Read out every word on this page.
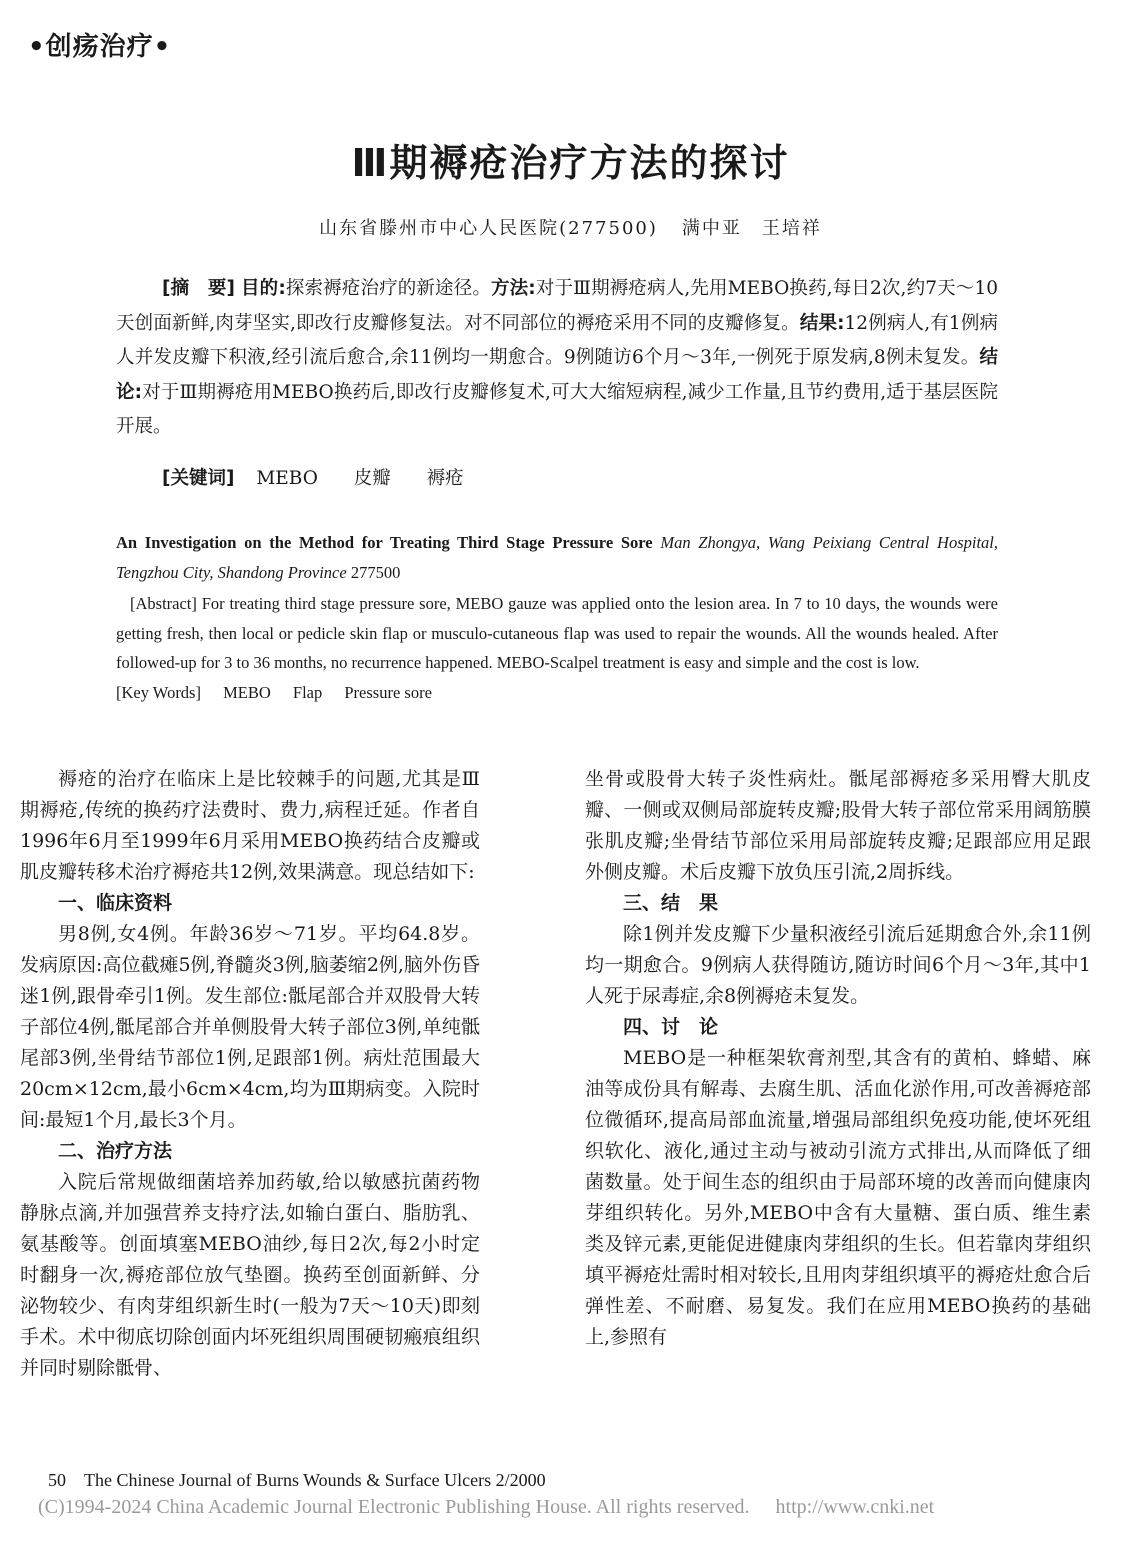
•创疡治疗•
Ⅲ期褥疮治疗方法的探讨
山东省滕州市中心人民医院(277500) 满中亚　王培祥

[摘　要] 目的:探索褥疮治疗的新途径。方法:对于Ⅲ期褥疮病人,先用MEBO换药,每日2次,约7天～10天创面新鲜,肉芽坚实,即改行皮瓣修复法。对不同部位的褥疮采用不同的皮瓣修复。结果:12例病人,有1例病人并发皮瓣下积液,经引流后愈合,余11例均一期愈合。9例随访6个月～3年,一例死于原发病,8例未复发。结论:对于Ⅲ期褥疮用MEBO换药后,即改行皮瓣修复术,可大大缩短病程,减少工作量,且节约费用,适于基层医院开展。

[关键词] MEBO 皮瓣 褥疮
An Investigation on the Method for Treating Third Stage Pressure Sore Man Zhongya, Wang Peixiang Central Hospital, Tengzhou City, Shandong Province 277500

[Abstract] For treating third stage pressure sore, MEBO gauze was applied onto the lesion area. In 7 to 10 days, the wounds were getting fresh, then local or pedicle skin flap or musculo-cutaneous flap was used to repair the wounds. All the wounds healed. After followed-up for 3 to 36 months, no recurrence happened. MEBO-Scalpel treatment is easy and simple and the cost is low.

[Key Words] MEBO Flap Pressure sore

褥疮的治疗在临床上是比较棘手的问题,尤其是Ⅲ期褥疮,传统的换药疗法费时、费力,病程迁延。作者自1996年6月至1999年6月采用MEBO换药结合皮瓣或肌皮瓣转移术治疗褥疮共12例,效果满意。现总结如下:

一、临床资料

男8例,女4例。年龄36岁～71岁。平均64.8岁。发病原因:高位截瘫5例,脊髓炎3例,脑萎缩2例,脑外伤昏迷1例,跟骨牵引1例。发生部位:骶尾部合并双股骨大转子部位4例,骶尾部合并单侧股骨大转子部位3例,单纯骶尾部3例,坐骨结节部位1例,足跟部1例。病灶范围最大20cm×12cm,最小6cm×4cm,均为Ⅲ期病变。入院时间:最短1个月,最长3个月。

二、治疗方法

入院后常规做细菌培养加药敏,给以敏感抗菌药物静脉点滴,并加强营养支持疗法,如输白蛋白、脂肪乳、氨基酸等。创面填塞MEBO油纱,每日2次,每2小时定时翻身一次,褥疮部位放气垫圈。换药至创面新鲜、分泌物较少、有肉芽组织新生时(一般为7天～10天)即刻手术。术中彻底切除创面内坏死组织周围硬韧瘢痕组织并同时剔除骶骨、

坐骨或股骨大转子炎性病灶。骶尾部褥疮多采用臀大肌皮瓣、一侧或双侧局部旋转皮瓣;股骨大转子部位常采用阔筋膜张肌皮瓣;坐骨结节部位采用局部旋转皮瓣;足跟部应用足跟外侧皮瓣。术后皮瓣下放负压引流,2周拆线。

三、结　果

除1例并发皮瓣下少量积液经引流后延期愈合外,余11例均一期愈合。9例病人获得随访,随访时间6个月～3年,其中1人死于尿毒症,余8例褥疮未复发。

四、讨　论

MEBO是一种框架软膏剂型,其含有的黄柏、蜂蜡、麻油等成份具有解毒、去腐生肌、活血化淤作用,可改善褥疮部位微循环,提高局部血流量,增强局部组织免疫功能,使坏死组织软化、液化,通过主动与被动引流方式排出,从而降低了细菌数量。处于间生态的组织由于局部环境的改善而向健康肉芽组织转化。另外,MEBO中含有大量糖、蛋白质、维生素类及锌元素,更能促进健康肉芽组织的生长。但若靠肉芽组织填平褥疮灶需时相对较长,且用肉芽组织填平的褥疮灶愈合后弹性差、不耐磨、易复发。我们在应用MEBO换药的基础上,参照有

50 The Chinese Journal of Burns Wounds & Surface Ulcers 2/2000
(C)1994-2024 China Academic Journal Electronic Publishing House. All rights reserved. http://www.cnki.net
